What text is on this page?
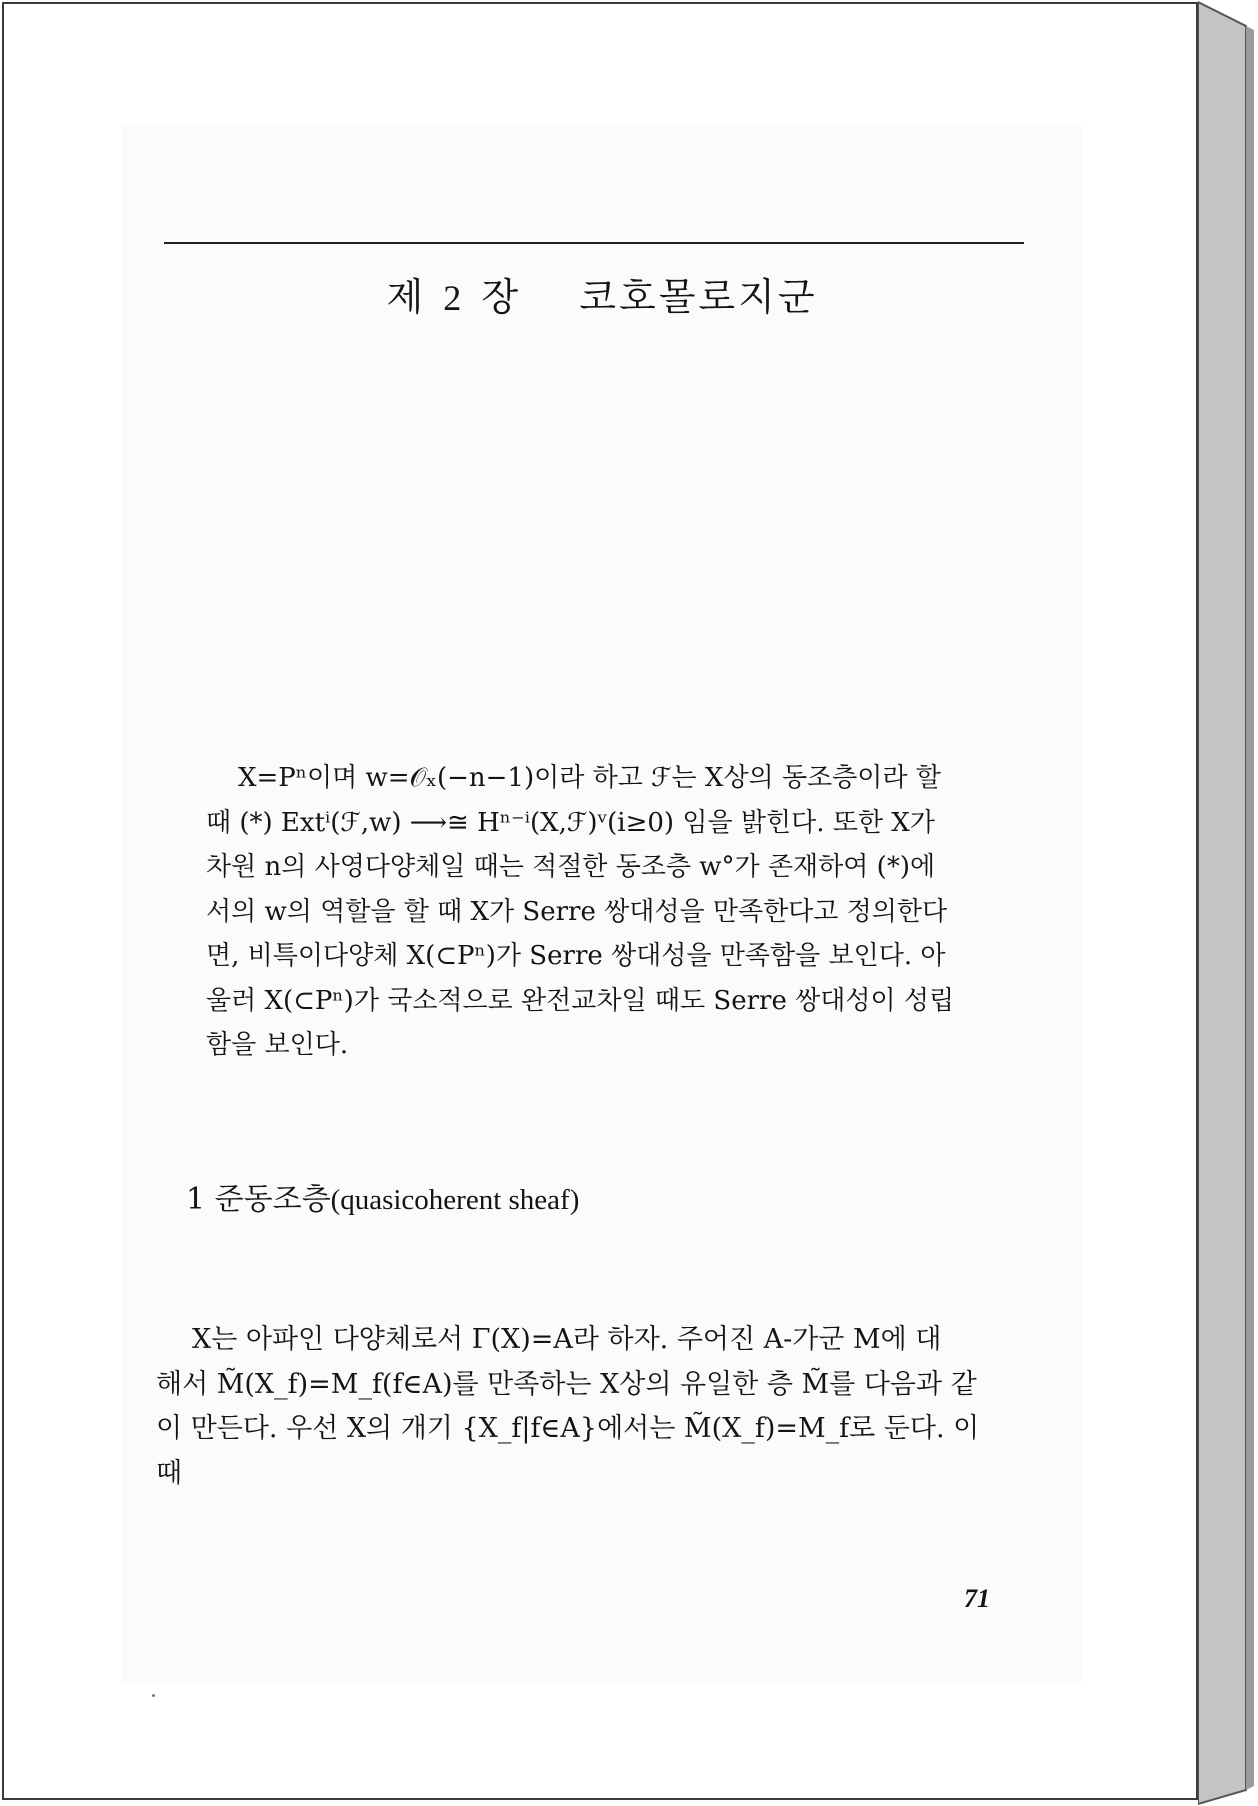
제 2 장 코호몰로지군
X=Pⁿ이며 w=𝒪ₓ(−n−1)이라 하고 ℱ는 X상의 동조층이라 할
때 (*) Extⁱ(ℱ,w) ⟶≅ Hⁿ⁻ⁱ(X,ℱ)ᵛ(i≥0) 임을 밝힌다. 또한 X가
차원 n의 사영다양체일 때는 적절한 동조층 w°가 존재하여 (*)에
서의 w의 역할을 할 때 X가 Serre 쌍대성을 만족한다고 정의한다
면, 비특이다양체 X(⊂Pⁿ)가 Serre 쌍대성을 만족함을 보인다. 아
울러 X(⊂Pⁿ)가 국소적으로 완전교차일 때도 Serre 쌍대성이 성립
함을 보인다.
1 준동조층(quasicoherent sheaf)
X는 아파인 다양체로서 Γ(X)=A라 하자. 주어진 A-가군 M에 대
해서 M̃(X_f)=M_f(f∈A)를 만족하는 X상의 유일한 층 M̃를 다음과 같
이 만든다. 우선 X의 개기 {X_f|f∈A}에서는 M̃(X_f)=M_f로 둔다. 이
때
71
